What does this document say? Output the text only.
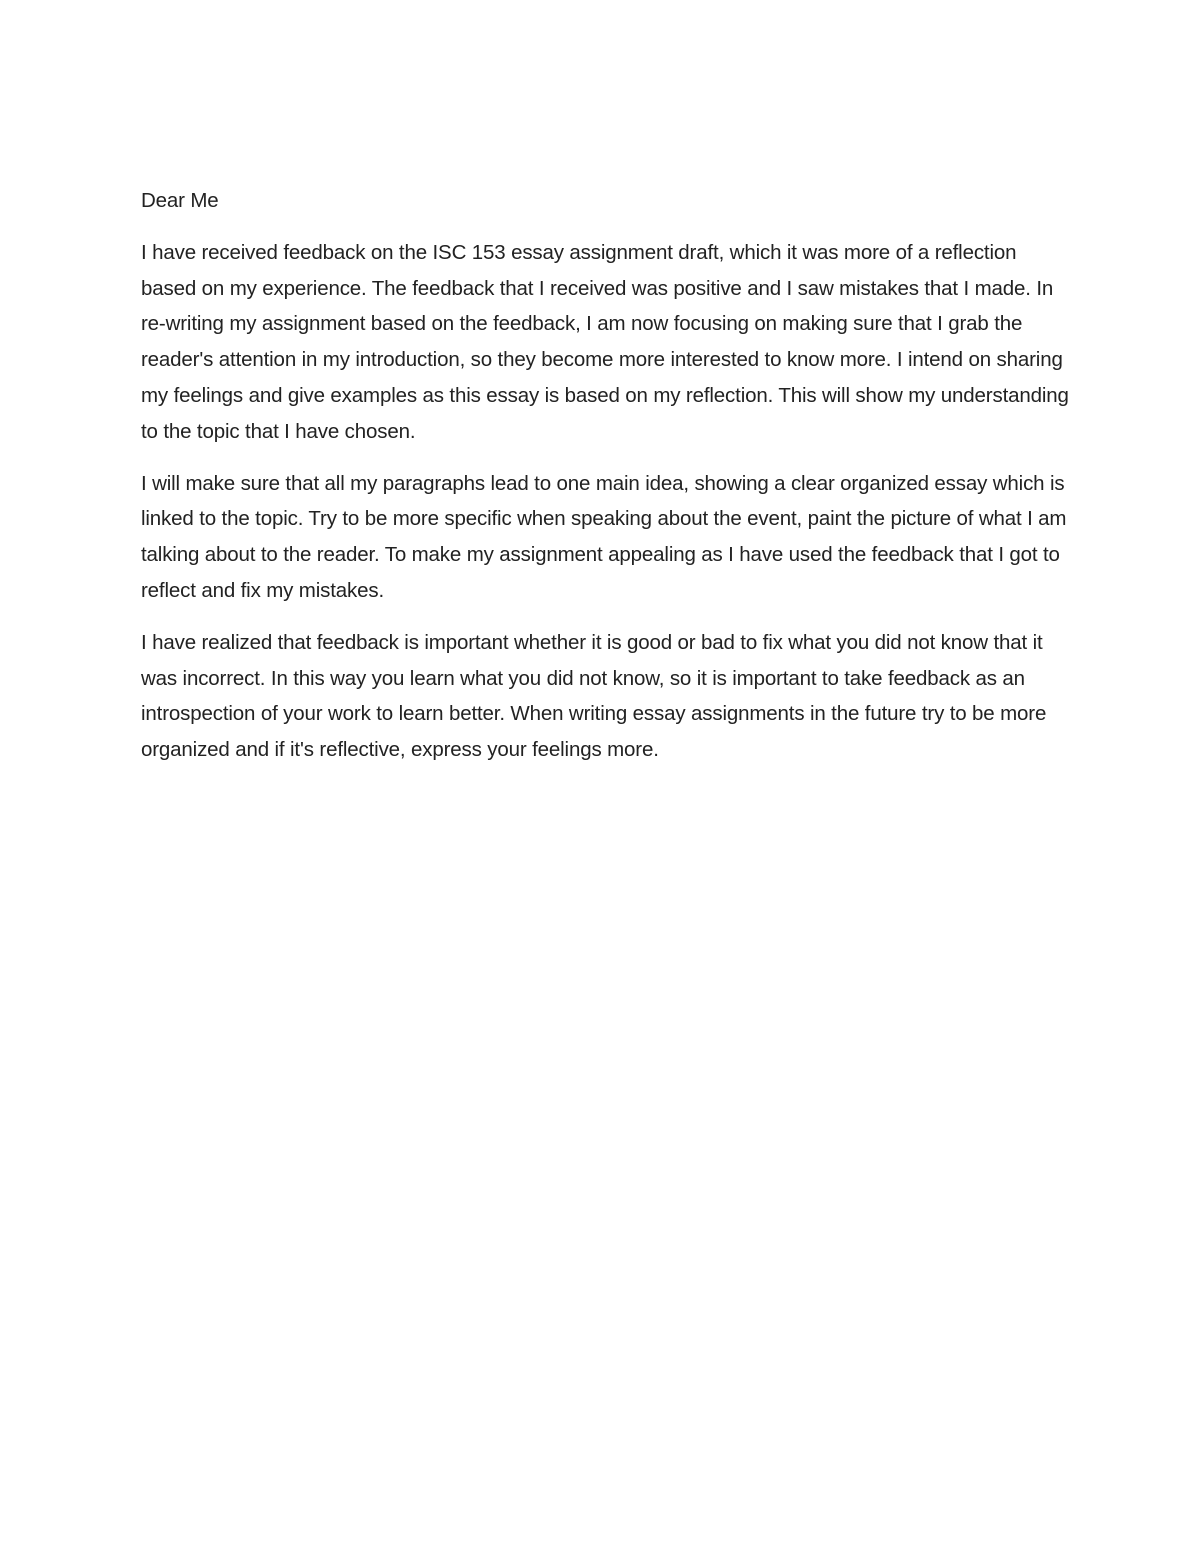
Dear Me

I have received feedback on the ISC 153 essay assignment draft, which it was more of a reflection based on my experience. The feedback that I received was positive and I saw mistakes that I made. In re-writing my assignment based on the feedback, I am now focusing on making sure that I grab the reader's attention in my introduction, so they become more interested to know more. I intend on sharing my feelings and give examples as this essay is based on my reflection. This will show my understanding to the topic that I have chosen.

I will make sure that all my paragraphs lead to one main idea, showing a clear organized essay which is linked to the topic. Try to be more specific when speaking about the event, paint the picture of what I am talking about to the reader. To make my assignment appealing as I have used the feedback that I got to reflect and fix my mistakes.

I have realized that feedback is important whether it is good or bad to fix what you did not know that it was incorrect. In this way you learn what you did not know, so it is important to take feedback as an introspection of your work to learn better. When writing essay assignments in the future try to be more organized and if it's reflective, express your feelings more.
